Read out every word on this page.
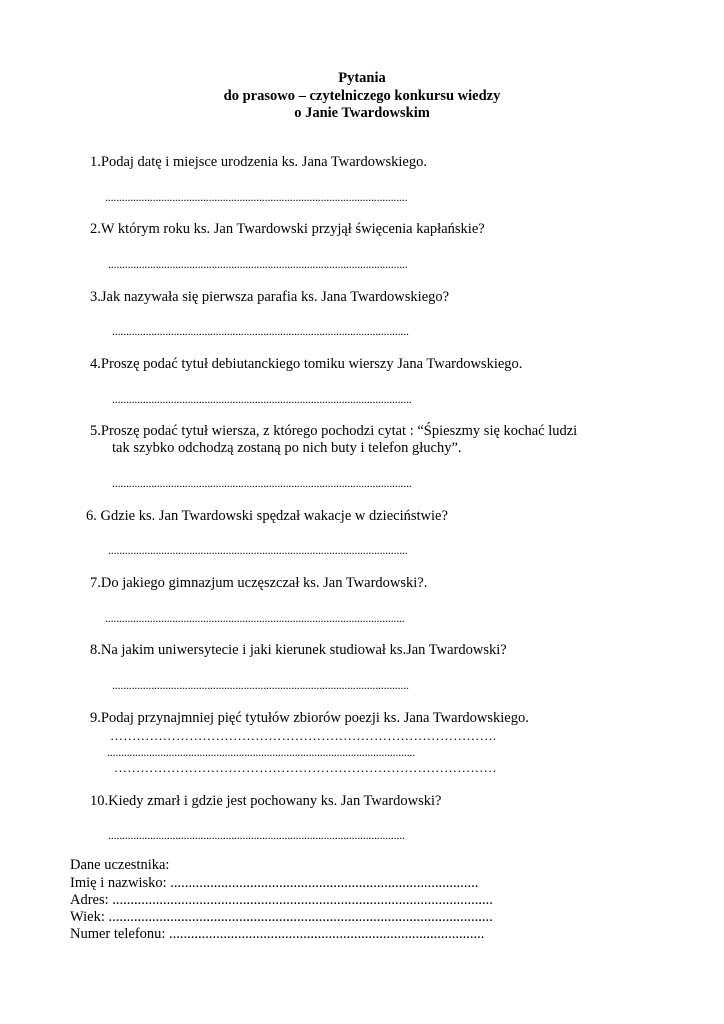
Pytania
do prasowo – czytelniczego konkursu wiedzy
o Janie Twardowskim
1.Podaj datę i miejsce urodzenia ks. Jana Twardowskiego.
............................................................................................................
2.W którym roku ks. Jan Twardowski przyjął święcenia kapłańskie?
...........................................................................................................
3.Jak nazywała się pierwsza parafia ks. Jana Twardowskiego?
..........................................................................................................
4.Proszę podać tytuł debiutanckiego tomiku wierszy Jana Twardowskiego.
...........................................................................................................
5.Proszę podać tytuł wiersza, z którego pochodzi cytat : “Śpieszmy się kochać ludzi
tak szybko odchodzą zostaną po nich buty i telefon głuchy”.
...........................................................................................................
6. Gdzie ks. Jan Twardowski spędzał wakacje w dzieciństwie?
...........................................................................................................
7.Do jakiego gimnazjum uczęszczał ks. Jan Twardowski?.
...........................................................................................................
8.Na jakim uniwersytecie i jaki kierunek studiował ks.Jan Twardowski?
..........................................................................................................
9.Podaj przynajmniej pięć tytułów zbiorów poezji ks. Jana Twardowskiego.
…………………………………………………………………………….
..............................................................................................................
……………………………………………………………………………
10.Kiedy zmarł i gdzie jest pochowany ks. Jan Twardowski?
..........................................................................................................
Dane uczestnika:
Imię i nazwisko: .....................................................................................
Adres: .........................................................................................................
Wiek: ..........................................................................................................
Numer telefonu: .......................................................................................
